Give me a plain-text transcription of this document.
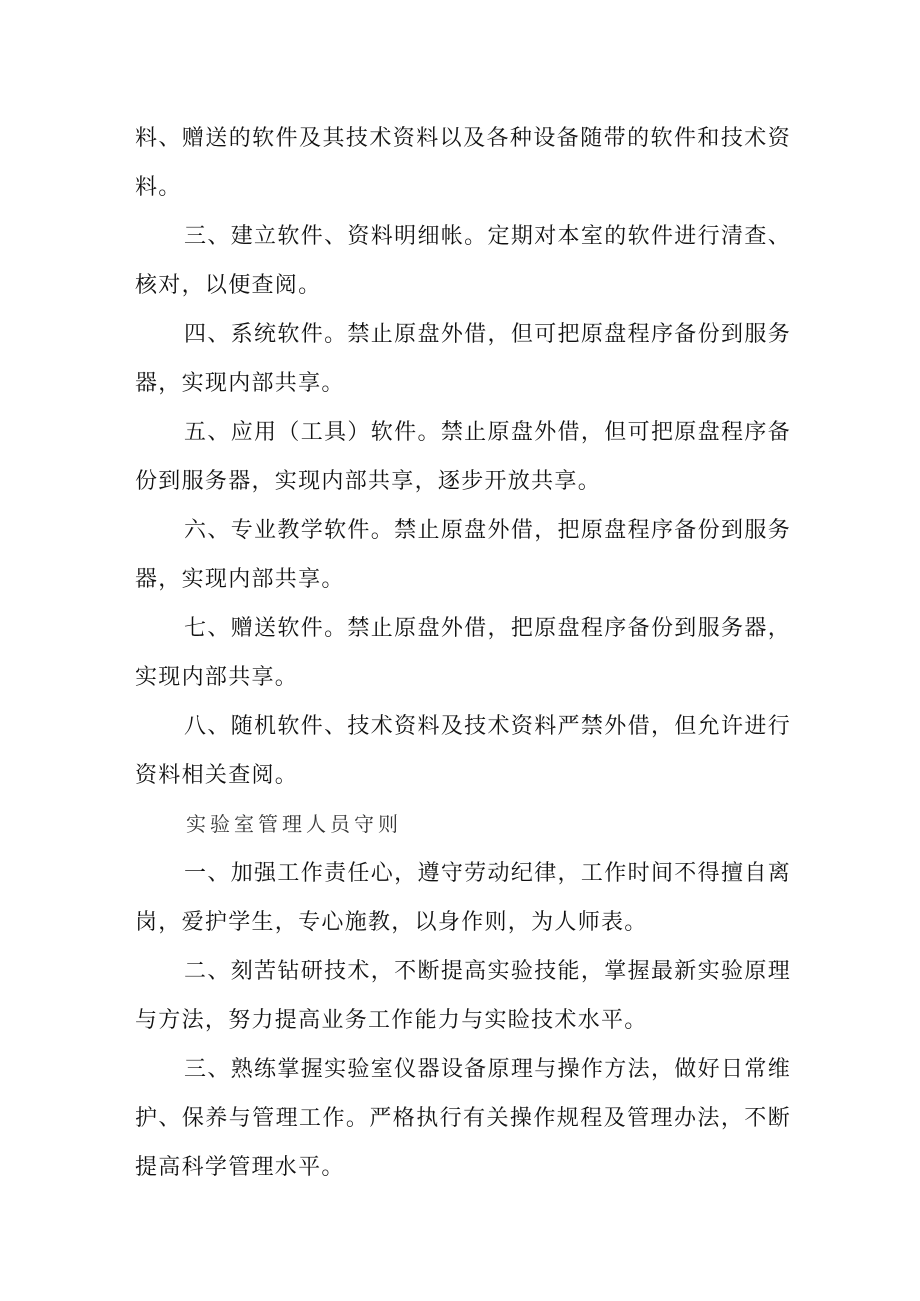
料、赠送的软件及其技术资料以及各种设备随带的软件和技术资料。

三、建立软件、资料明细帐。定期对本室的软件进行清查、核对，以便查阅。

四、系统软件。禁止原盘外借，但可把原盘程序备份到服务器，实现内部共享。

五、应用（工具）软件。禁止原盘外借，但可把原盘程序备份到服务器，实现内部共享，逐步开放共享。

六、专业教学软件。禁止原盘外借，把原盘程序备份到服务器，实现内部共享。

七、赠送软件。禁止原盘外借，把原盘程序备份到服务器，实现内部共享。

八、随机软件、技术资料及技术资料严禁外借，但允许进行资料相关查阅。

实验室管理人员守则

一、加强工作责任心，遵守劳动纪律，工作时间不得擅自离岗，爱护学生，专心施教，以身作则，为人师表。

二、刻苦钻研技术，不断提高实验技能，掌握最新实验原理与方法，努力提高业务工作能力与实睑技术水平。

三、熟练掌握实验室仪器设备原理与操作方法，做好日常维护、保养与管理工作。严格执行有关操作规程及管理办法，不断提高科学管理水平。
